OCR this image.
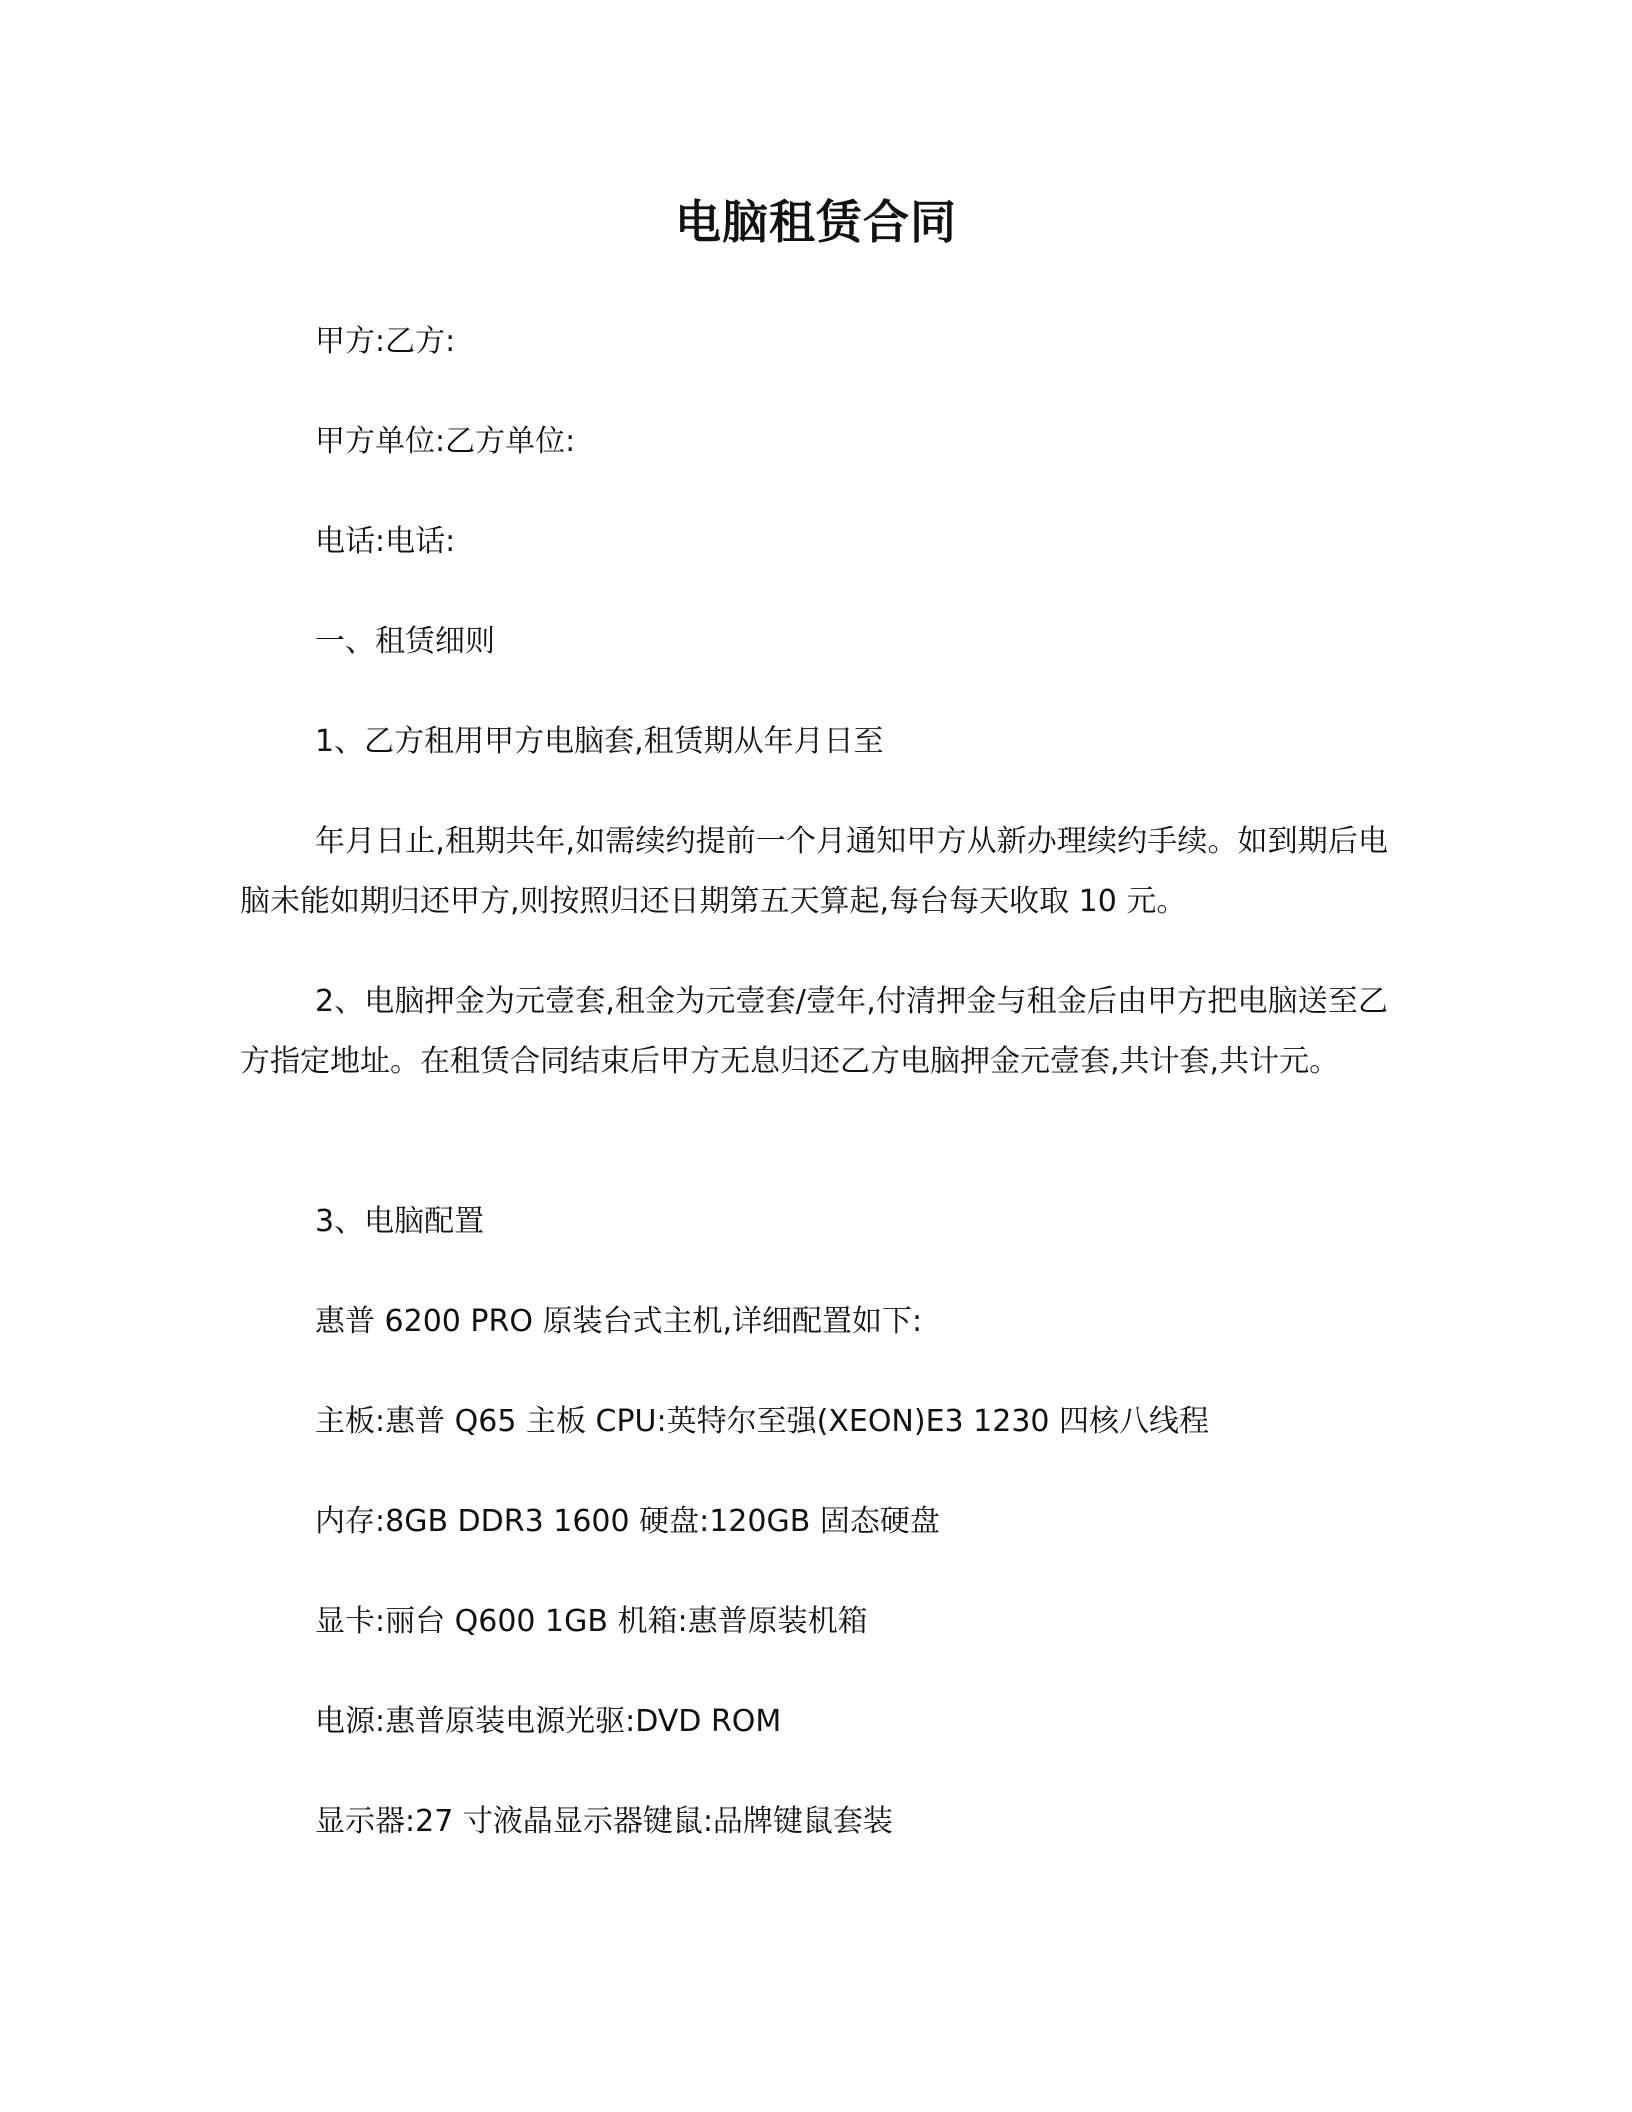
电脑租赁合同
甲方:乙方:
甲方单位:乙方单位:
电话:电话:
一、租赁细则
1、乙方租用甲方电脑套,租赁期从年月日至
年月日止,租期共年,如需续约提前一个月通知甲方从新办理续约手续。如到期后电脑未能如期归还甲方,则按照归还日期第五天算起,每台每天收取 10 元。
2、电脑押金为元壹套,租金为元壹套/壹年,付清押金与租金后由甲方把电脑送至乙方指定地址。在租赁合同结束后甲方无息归还乙方电脑押金元壹套,共计套,共计元。
3、电脑配置
惠普 6200 PRO 原装台式主机,详细配置如下:
主板:惠普 Q65 主板 CPU:英特尔至强(XEON)E3 1230 四核八线程
内存:8GB DDR3 1600 硬盘:120GB 固态硬盘
显卡:丽台 Q600 1GB 机箱:惠普原装机箱
电源:惠普原装电源光驱:DVD ROM
显示器:27 寸液晶显示器键鼠:品牌键鼠套装
